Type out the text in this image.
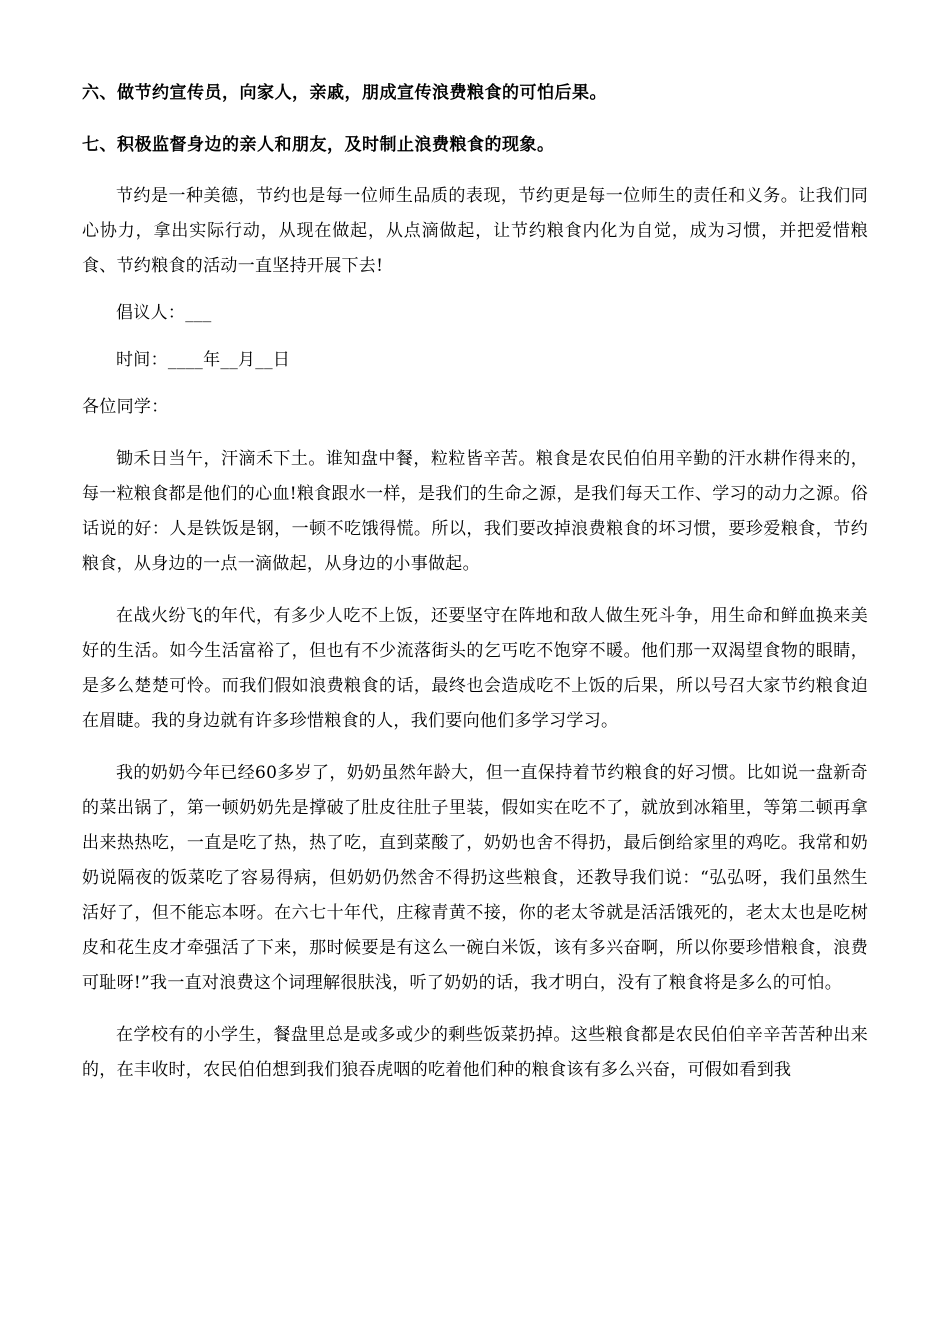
六、做节约宣传员，向家人，亲戚，朋成宣传浪费粮食的可怕后果。

七、积极监督身边的亲人和朋友，及时制止浪费粮食的现象。

节约是一种美德，节约也是每一位师生品质的表现，节约更是每一位师生的责任和义务。让我们同心协力，拿出实际行动，从现在做起，从点滴做起，让节约粮食内化为自觉，成为习惯，并把爱惜粮食、节约粮食的活动一直坚持开展下去!

倡议人：___

时间：____年__月__日

各位同学：

锄禾日当午，汗滴禾下土。谁知盘中餐，粒粒皆辛苦。粮食是农民伯伯用辛勤的汗水耕作得来的，每一粒粮食都是他们的心血!粮食跟水一样，是我们的生命之源，是我们每天工作、学习的动力之源。俗话说的好：人是铁饭是钢，一顿不吃饿得慌。所以，我们要改掉浪费粮食的坏习惯，要珍爱粮食，节约粮食，从身边的一点一滴做起，从身边的小事做起。

在战火纷飞的年代，有多少人吃不上饭，还要坚守在阵地和敌人做生死斗争，用生命和鲜血换来美好的生活。如今生活富裕了，但也有不少流落街头的乞丐吃不饱穿不暖。他们那一双渴望食物的眼睛，是多么楚楚可怜。而我们假如浪费粮食的话，最终也会造成吃不上饭的后果，所以号召大家节约粮食迫在眉睫。我的身边就有许多珍惜粮食的人，我们要向他们多学习学习。

我的奶奶今年已经60多岁了，奶奶虽然年龄大，但一直保持着节约粮食的好习惯。比如说一盘新奇的菜出锅了，第一顿奶奶先是撑破了肚皮往肚子里装，假如实在吃不了，就放到冰箱里，等第二顿再拿出来热热吃，一直是吃了热，热了吃，直到菜酸了，奶奶也舍不得扔，最后倒给家里的鸡吃。我常和奶奶说隔夜的饭菜吃了容易得病，但奶奶仍然舍不得扔这些粮食，还教导我们说：“弘弘呀，我们虽然生活好了，但不能忘本呀。在六七十年代，庄稼青黄不接，你的老太爷就是活活饿死的，老太太也是吃树皮和花生皮才牵强活了下来，那时候要是有这么一碗白米饭，该有多兴奋啊，所以你要珍惜粮食，浪费可耻呀!”我一直对浪费这个词理解很肤浅，听了奶奶的话，我才明白，没有了粮食将是多么的可怕。

在学校有的小学生，餐盘里总是或多或少的剩些饭菜扔掉。这些粮食都是农民伯伯辛辛苦苦种出来的，在丰收时，农民伯伯想到我们狼吞虎咽的吃着他们种的粮食该有多么兴奋，可假如看到我
